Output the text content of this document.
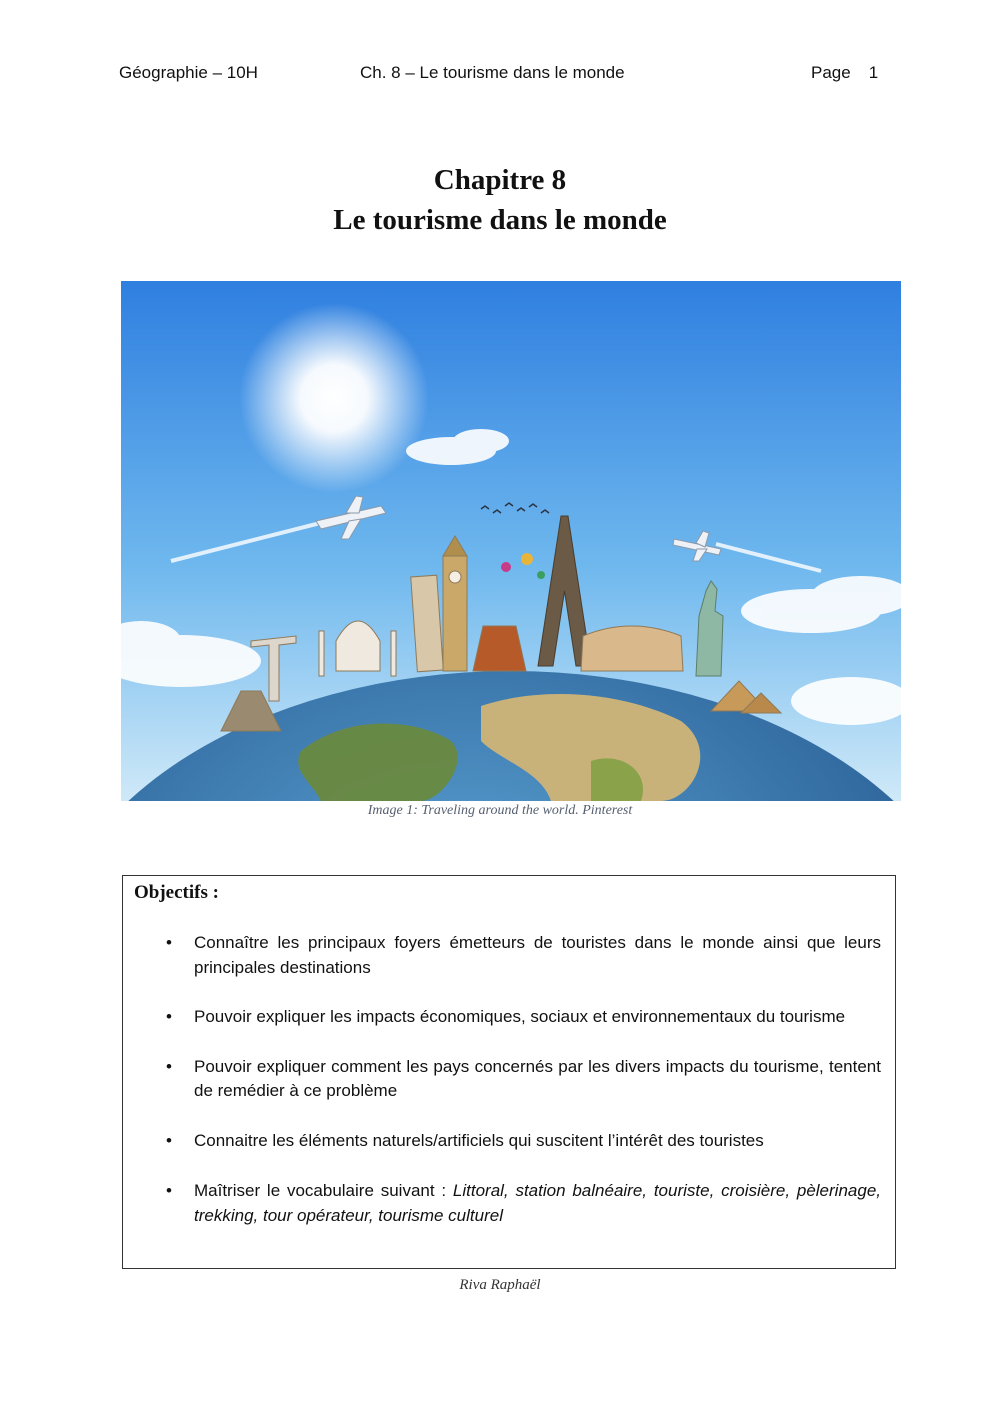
Géographie – 10H	Ch. 8 – Le tourisme dans le monde	Page 1
Chapitre 8
Le tourisme dans le monde
Image 1: Traveling around the world. Pinterest
Objectifs :
• Connaître les principaux foyers émetteurs de touristes dans le monde ainsi que leurs principales destinations
• Pouvoir expliquer les impacts économiques, sociaux et environnementaux du tourisme
• Pouvoir expliquer comment les pays concernés par les divers impacts du tourisme, tentent de remédier à ce problème
• Connaitre les éléments naturels/artificiels qui suscitent l’intérêt des touristes
• Maîtriser le vocabulaire suivant : Littoral, station balnéaire, touriste, croisière, pèlerinage, trekking, tour opérateur, tourisme culturel
Riva Raphaël
